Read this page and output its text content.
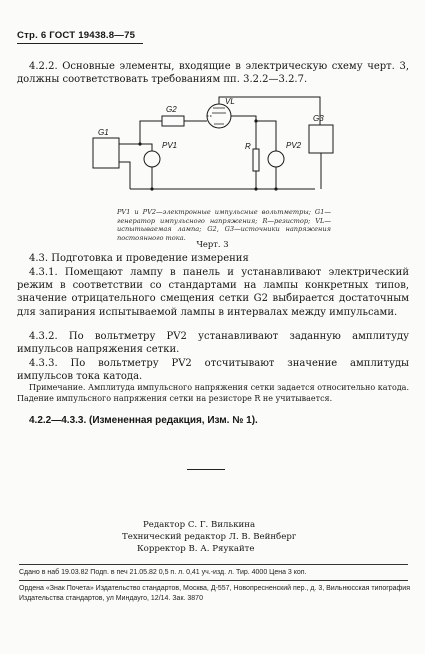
Стр. 6 ГОСТ 19438.8—75
4.2.2. Основные элементы, входящие в электрическую схему черт. 3, должны соответствовать требованиям пп. 3.2.2—3.2.7.
G1
G2
VL
PV1	R	PV2
G3
PV1 и PV2—электронные импульсные вольтметры; G1—генератор импульсного напряжения; R—резистор; VL—испытываемая лампа; G2, G3—источники напряжения постоянного тока.
Черт. 3
4.3. Подготовка и проведение измерения
4.3.1. Помещают лампу в панель и устанавливают электрический режим в соответствии со стандартами на лампы конкретных типов, значение отрицательного смещения сетки G2 выбирается достаточным для запирания испытываемой лампы в интервалах между импульсами.
4.3.2. По вольтметру PV2 устанавливают заданную амплитуду импульсов напряжения сетки.
4.3.3. По вольтметру PV2 отсчитывают значение амплитуды импульсов тока катода.
Примечание. Амплитуда импульсного напряжения сетки задается относительно катода. Падение импульсного напряжения сетки на резисторе R не учитывается.
4.2.2—4.3.3. (Измененная редакция, Изм. № 1).
Редактор С. Г. Вилькина
Технический редактор Л. В. Вейнберг
Корректор В. А. Ряукайте
Сдано в наб 19.03.82 Подп. в печ 21.05.82 0,5 п. л. 0,41 уч.-изд. л. Тир. 4000 Цена 3 коп.
Ордена «Знак Почета» Издательство стандартов, Москва, Д-557, Новопресненский пер., д. 3, Вильнюсская типография Издательства стандартов, ул Миндауго, 12/14. Зак. 3870
